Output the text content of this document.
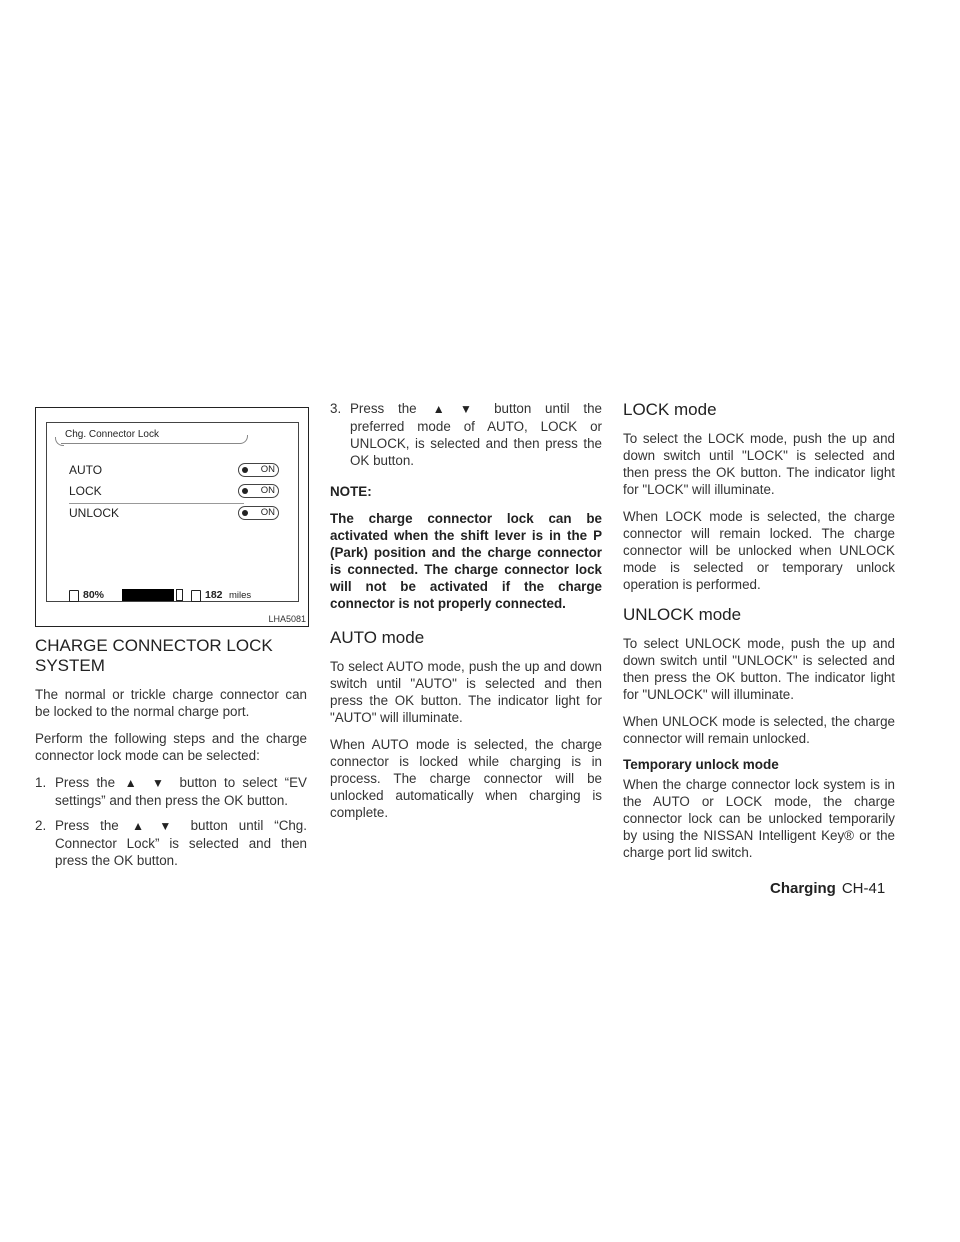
Chg. Connector Lock
AUTO	ON
LOCK	ON
UNLOCK	ON
80%	182 miles
LHA5081
CHARGE CONNECTOR LOCK SYSTEM

The normal or trickle charge connector can be locked to the normal charge port.

Perform the following steps and the charge connector lock mode can be selected:

1. Press the ▲ ▼ button to select “EV settings” and then press the OK button.
2. Press the ▲ ▼ button until “Chg. Connector Lock” is selected and then press the OK button.
3. Press the ▲ ▼ button until the preferred mode of AUTO, LOCK or UNLOCK, is selected and then press the OK button.

NOTE:

The charge connector lock can be activated when the shift lever is in the P (Park) position and the charge connector is connected. The charge connector lock will not be activated if the charge connector is not properly connected.

AUTO mode

To select AUTO mode, push the up and down switch until "AUTO" is selected and then press the OK button. The indicator light for "AUTO" will illuminate.

When AUTO mode is selected, the charge connector is locked while charging is in process. The charge connector will be unlocked automatically when charging is complete.

LOCK mode

To select the LOCK mode, push the up and down switch until "LOCK" is selected and then press the OK button. The indicator light for "LOCK" will illuminate.

When LOCK mode is selected, the charge connector will remain locked. The charge connector will be unlocked when UNLOCK mode is selected or temporary unlock operation is performed.

UNLOCK mode

To select UNLOCK mode, push the up and down switch until "UNLOCK" is selected and then press the OK button. The indicator light for "UNLOCK" will illuminate.

When UNLOCK mode is selected, the charge connector will remain unlocked.

Temporary unlock mode

When the charge connector lock system is in the AUTO or LOCK mode, the charge connector lock can be unlocked temporarily by using the NISSAN Intelligent Key® or the charge port lid switch.

Charging CH-41
